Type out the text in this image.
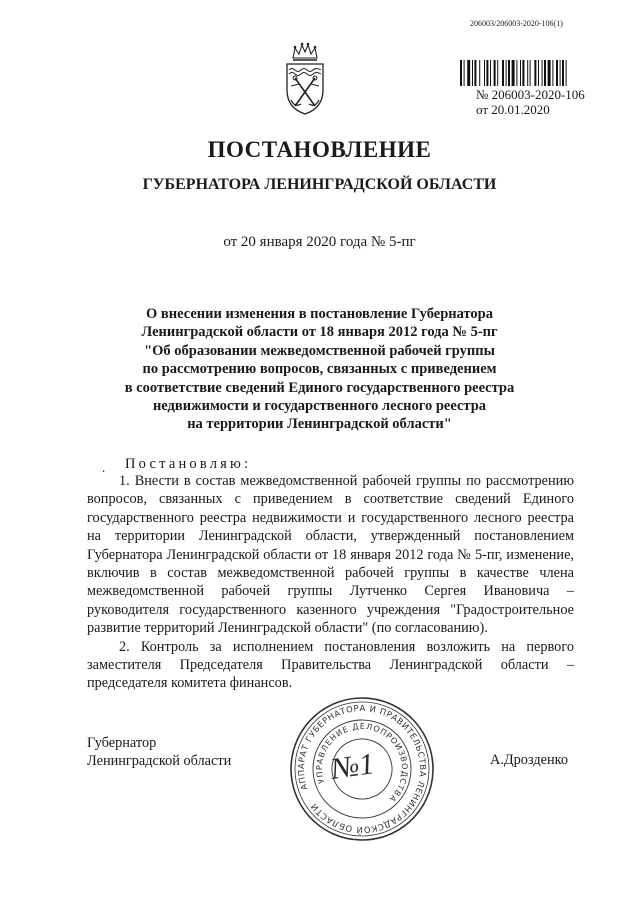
206003/206003-2020-106(1)
№ 206003-2020-106
от 20.01.2020
ПОСТАНОВЛЕНИЕ
ГУБЕРНАТОРА ЛЕНИНГРАДСКОЙ ОБЛАСТИ
от 20 января 2020 года № 5-пг
О внесении изменения в постановление Губернатора
Ленинградской области от 18 января 2012 года № 5-пг
"Об образовании межведомственной рабочей группы
по рассмотрению вопросов, связанных с приведением
в соответствие сведений Единого государственного реестра
недвижимости и государственного лесного реестра
на территории Ленинградской области"
. Постановляю:

1. Внести в состав межведомственной рабочей группы по рассмотрению вопросов, связанных с приведением в соответствие сведений Единого государственного реестра недвижимости и государственного лесного реестра на территории Ленинградской области, утвержденный постановлением Губернатора Ленинградской области от 18 января 2012 года № 5-пг, изменение, включив в состав межведомственной рабочей группы в качестве члена межведомственной рабочей группы Лутченко Сергея Ивановича – руководителя государственного казенного учреждения "Градостроительное развитие территорий Ленинградской области" (по согласованию).

2. Контроль за исполнением постановления возложить на первого заместителя Председателя Правительства Ленинградской области – председателя комитета финансов.

Губернатор
Ленинградской области
АППАРАТ ГУБЕРНАТОРА И ПРАВИТЕЛЬСТВА ЛЕНИНГРАДСКОЙ ОБЛАСТИ
УПРАВЛЕНИЕ ДЕЛОПРОИЗВОДСТВА
№1	А.Дрозденко
